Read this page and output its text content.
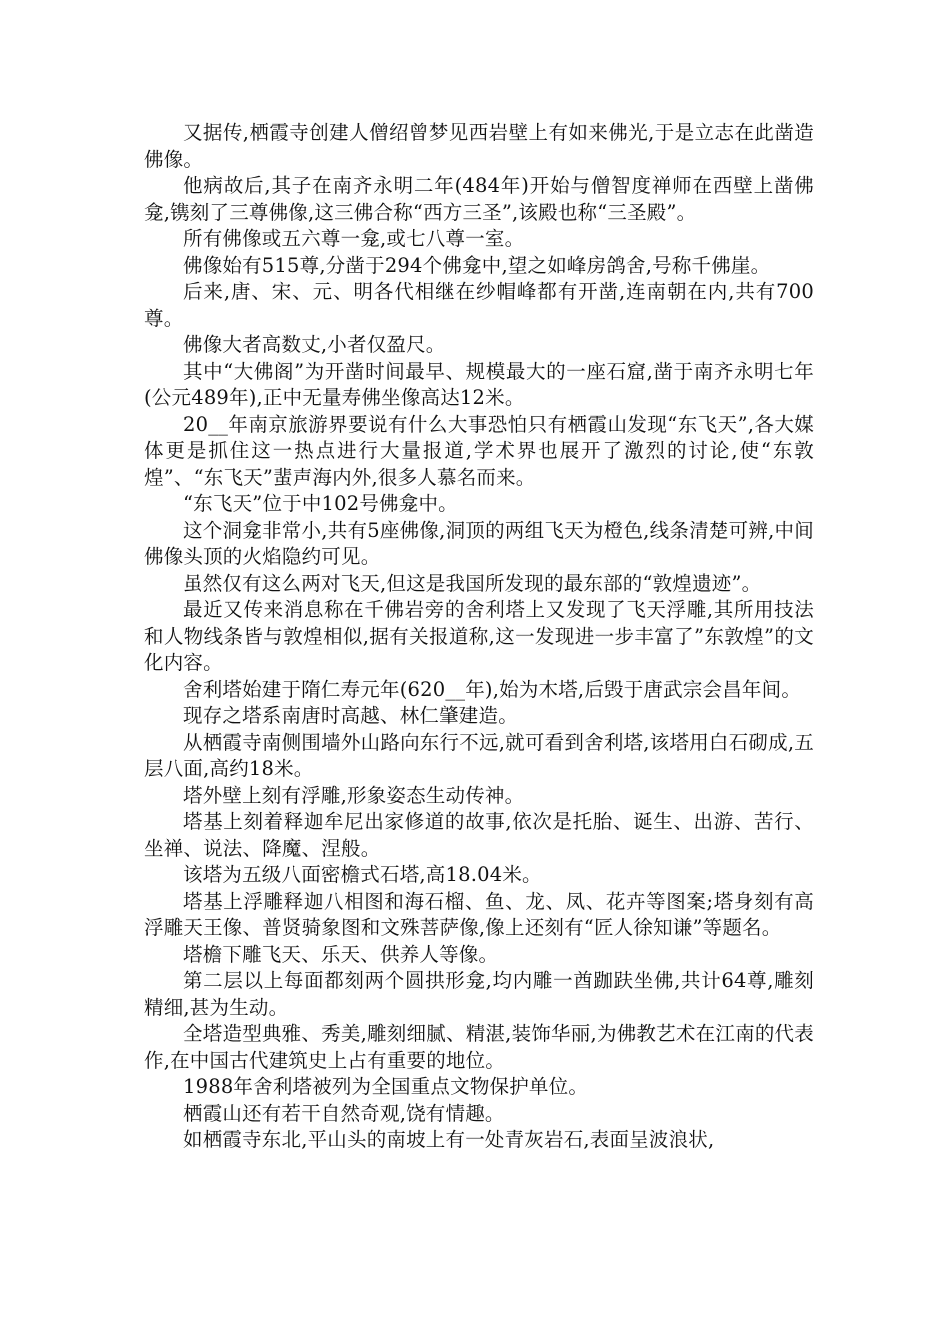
又据传,栖霞寺创建人僧绍曾梦见西岩壁上有如来佛光,于是立志在此凿造佛像。

他病故后,其子在南齐永明二年(484年)开始与僧智度禅师在西壁上凿佛龛,镌刻了三尊佛像,这三佛合称“西方三圣”,该殿也称“三圣殿”。

所有佛像或五六尊一龛,或七八尊一室。

佛像始有515尊,分凿于294个佛龛中,望之如峰房鸽舍,号称千佛崖。

后来,唐、宋、元、明各代相继在纱帽峰都有开凿,连南朝在内,共有700尊。

佛像大者高数丈,小者仅盈尺。

其中“大佛阁”为开凿时间最早、规模最大的一座石窟,凿于南齐永明七年(公元489年),正中无量寿佛坐像高达12米。

20__年南京旅游界要说有什么大事恐怕只有栖霞山发现“东飞天”,各大媒体更是抓住这一热点进行大量报道,学术界也展开了激烈的讨论,使“东敦煌”、“东飞天”蜚声海内外,很多人慕名而来。

“东飞天”位于中102号佛龛中。

这个洞龛非常小,共有5座佛像,洞顶的两组飞天为橙色,线条清楚可辨,中间佛像头顶的火焰隐约可见。

虽然仅有这么两对飞天,但这是我国所发现的最东部的“敦煌遗迹”。

最近又传来消息称在千佛岩旁的舍利塔上又发现了飞天浮雕,其所用技法和人物线条皆与敦煌相似,据有关报道称,这一发现进一步丰富了”东敦煌”的文化内容。

舍利塔始建于隋仁寿元年(620__年),始为木塔,后毁于唐武宗会昌年间。

现存之塔系南唐时高越、林仁肇建造。

从栖霞寺南侧围墙外山路向东行不远,就可看到舍利塔,该塔用白石砌成,五层八面,高约18米。

塔外壁上刻有浮雕,形象姿态生动传神。

塔基上刻着释迦牟尼出家修道的故事,依次是托胎、诞生、出游、苦行、坐禅、说法、降魔、涅般。

该塔为五级八面密檐式石塔,高18.04米。

塔基上浮雕释迦八相图和海石榴、鱼、龙、凤、花卉等图案;塔身刻有高浮雕天王像、普贤骑象图和文殊菩萨像,像上还刻有“匠人徐知谦”等题名。

塔檐下雕飞天、乐天、供养人等像。

第二层以上每面都刻两个圆拱形龛,均内雕一酋跏趺坐佛,共计64尊,雕刻精细,甚为生动。

全塔造型典雅、秀美,雕刻细腻、精湛,装饰华丽,为佛教艺术在江南的代表作,在中国古代建筑史上占有重要的地位。

1988年舍利塔被列为全国重点文物保护单位。

栖霞山还有若干自然奇观,饶有情趣。

如栖霞寺东北,平山头的南坡上有一处青灰岩石,表面呈波浪状,
